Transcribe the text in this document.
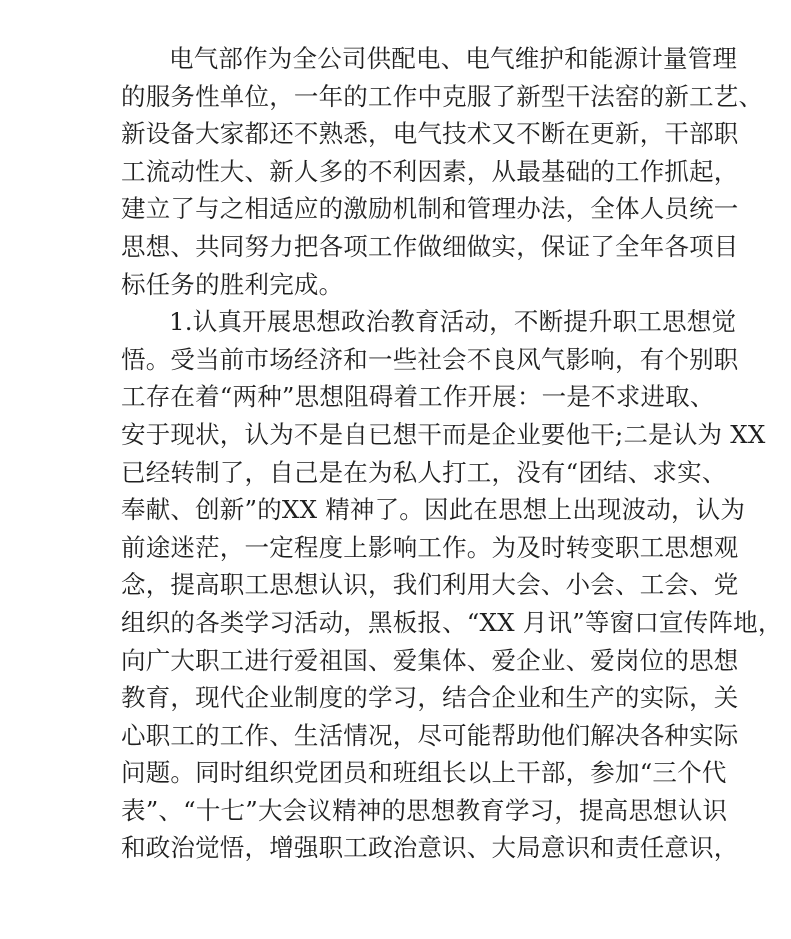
电气部作为全公司供配电、电气维护和能源计量管理
的服务性单位，一年的工作中克服了新型干法窑的新工艺、
新设备大家都还不熟悉，电气技术又不断在更新，干部职
工流动性大、新人多的不利因素，从最基础的工作抓起，
建立了与之相适应的激励机制和管理办法，全体人员统一
思想、共同努力把各项工作做细做实，保证了全年各项目
标任务的胜利完成。
1.认真开展思想政治教育活动，不断提升职工思想觉
悟。受当前市场经济和一些社会不良风气影响，有个别职
工存在着“两种”思想阻碍着工作开展：一是不求进取、
安于现状，认为不是自已想干而是企业要他干;二是认为 XX
已经转制了，自己是在为私人打工，没有“团结、求实、
奉献、创新”的XX 精神了。因此在思想上出现波动，认为
前途迷茫，一定程度上影响工作。为及时转变职工思想观
念，提高职工思想认识，我们利用大会、小会、工会、党
组织的各类学习活动，黑板报、“XX 月讯”等窗口宣传阵地，
向广大职工进行爱祖国、爱集体、爱企业、爱岗位的思想
教育，现代企业制度的学习，结合企业和生产的实际，关
心职工的工作、生活情况，尽可能帮助他们解决各种实际
问题。同时组织党团员和班组长以上干部，参加“三个代
表”、“十七”大会议精神的思想教育学习，提高思想认识
和政治觉悟，增强职工政治意识、大局意识和责任意识，
